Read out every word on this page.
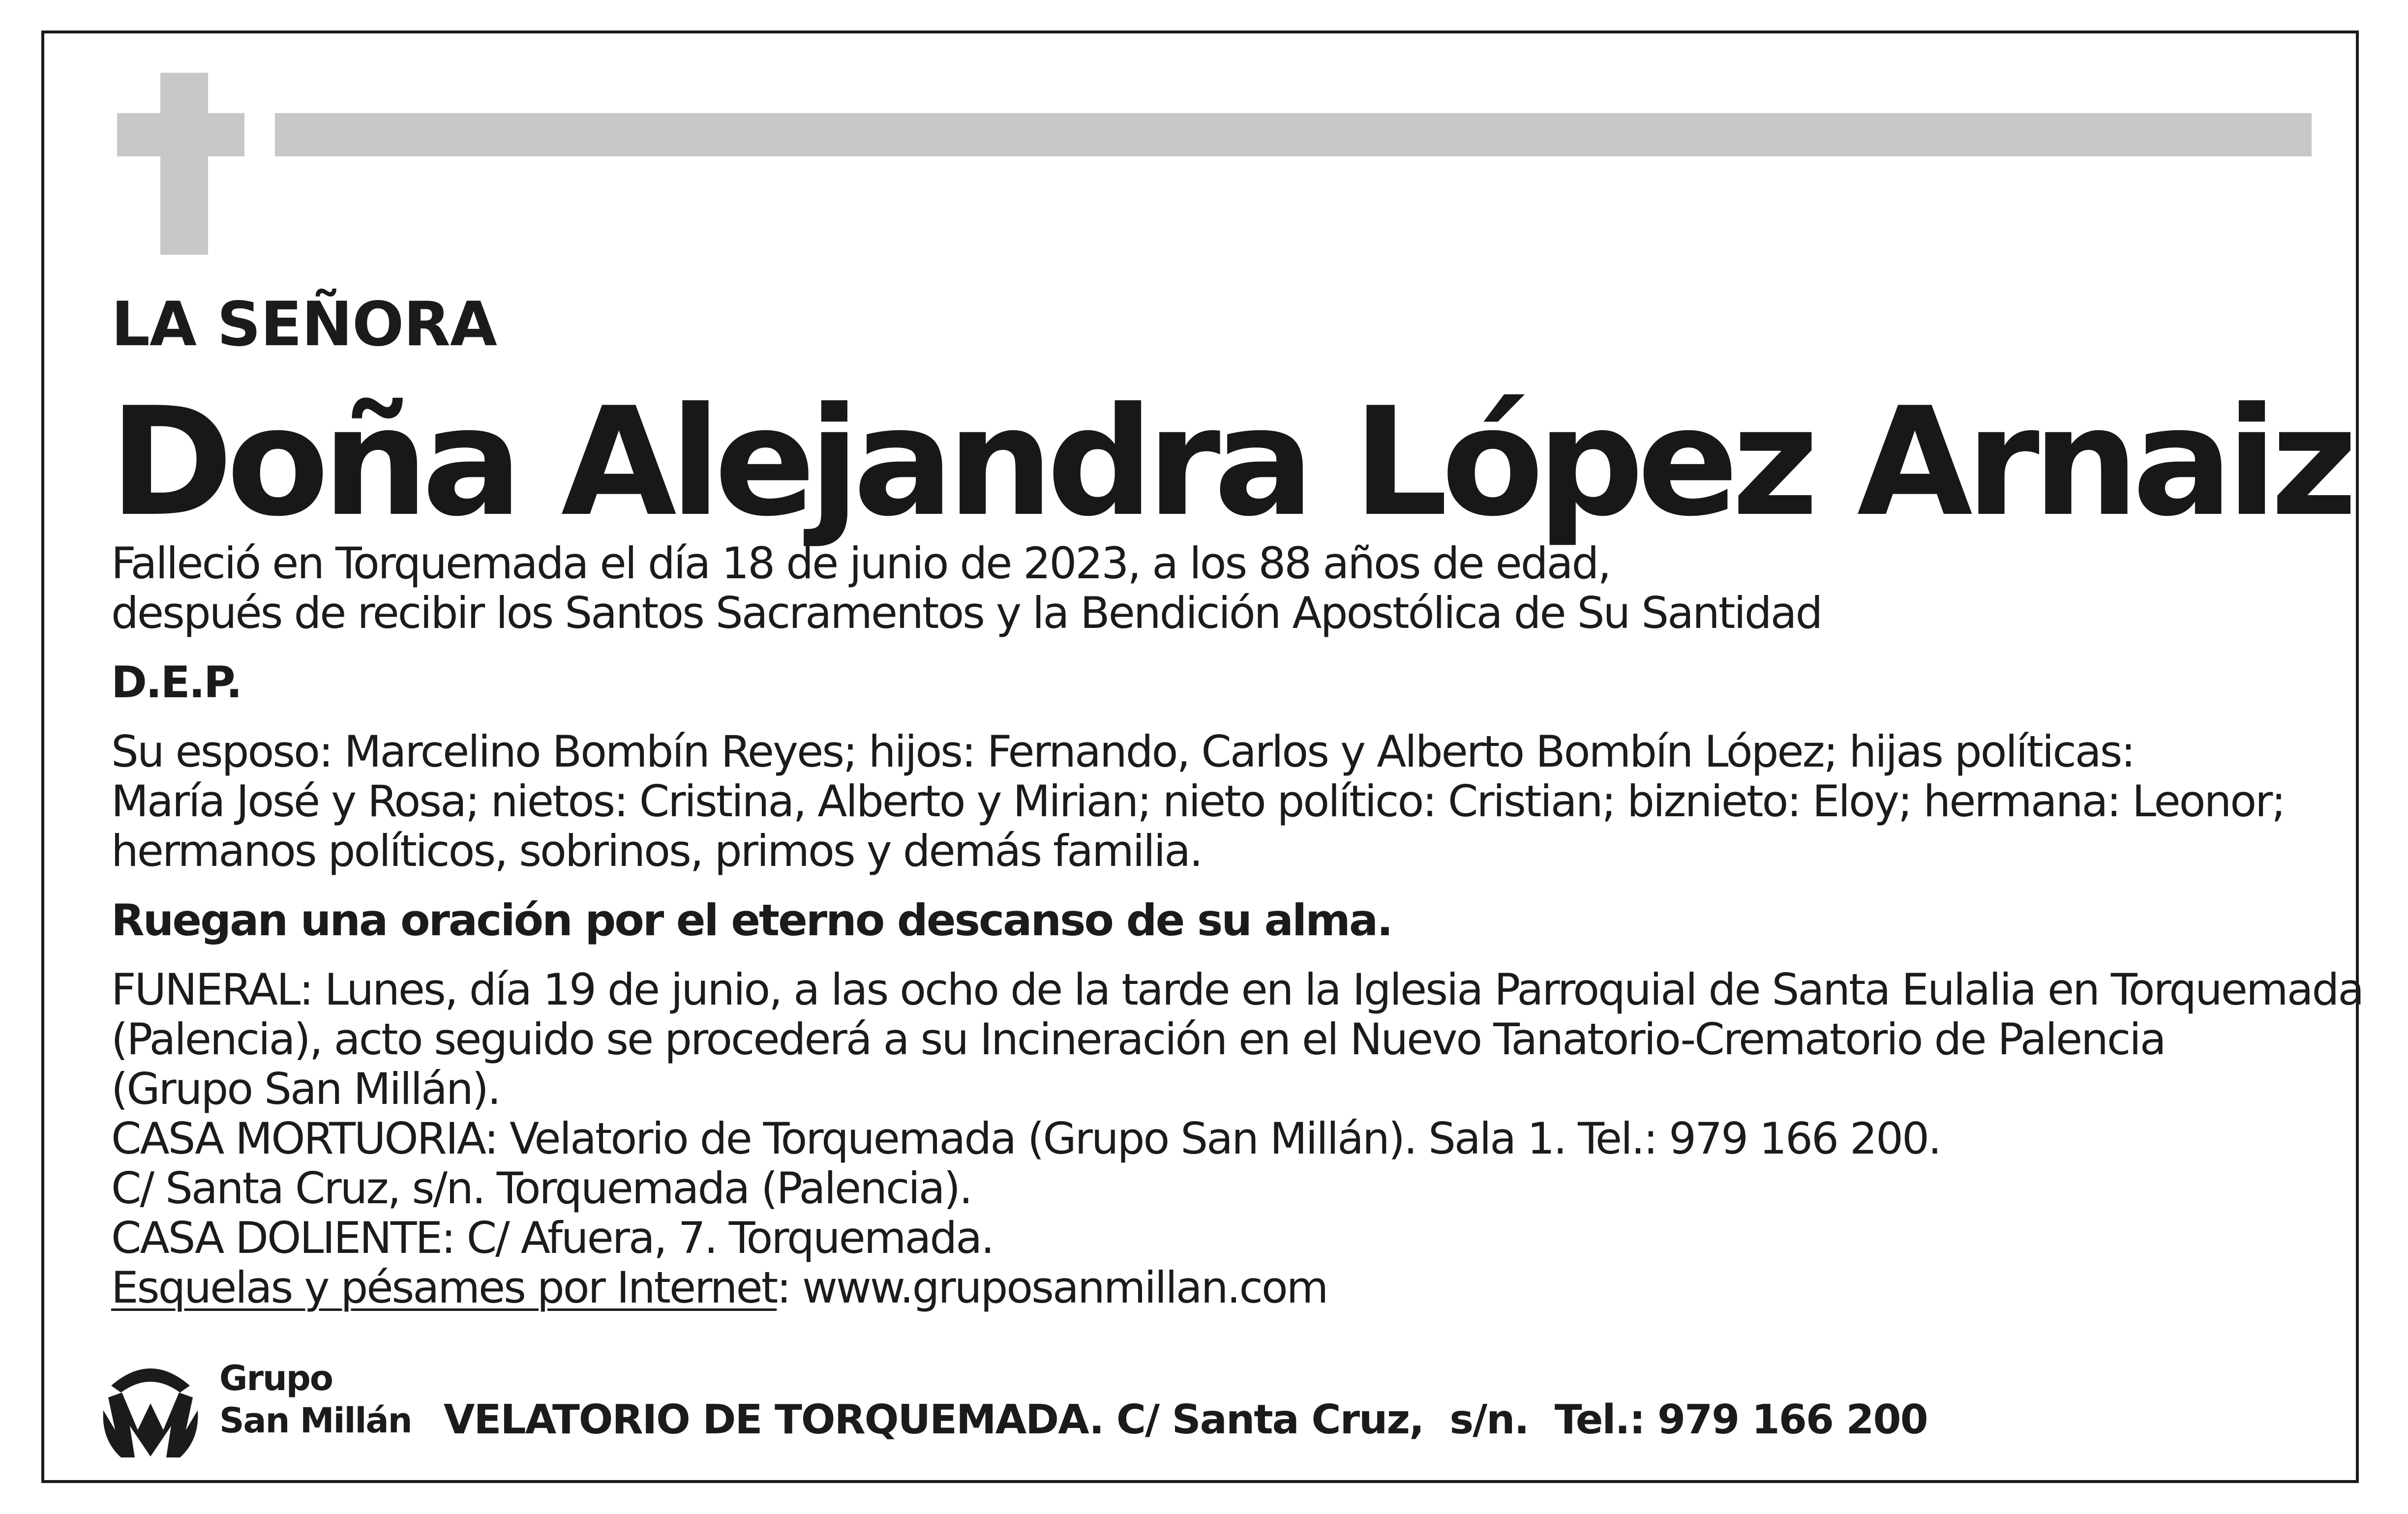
LA SEÑORA
Doña Alejandra López Arnaiz
Falleció en Torquemada el día 18 de junio de 2023, a los 88 años de edad,
después de recibir los Santos Sacramentos y la Bendición Apostólica de Su Santidad
D.E.P.
Su esposo: Marcelino Bombín Reyes; hijos: Fernando, Carlos y Alberto Bombín López; hijas políticas:
María José y Rosa; nietos: Cristina, Alberto y Mirian; nieto político: Cristian; biznieto: Eloy; hermana: Leonor;
hermanos políticos, sobrinos, primos y demás familia.
Ruegan una oración por el eterno descanso de su alma.
FUNERAL: Lunes, día 19 de junio, a las ocho de la tarde en la Iglesia Parroquial de Santa Eulalia en Torquemada
(Palencia), acto seguido se procederá a su Incineración en el Nuevo Tanatorio-Crematorio de Palencia
(Grupo San Millán).
CASA MORTUORIA: Velatorio de Torquemada (Grupo San Millán). Sala 1. Tel.: 979 166 200.
C/ Santa Cruz, s/n. Torquemada (Palencia).
CASA DOLIENTE: C/ Afuera, 7. Torquemada.
Esquelas y pésames por Internet: www.gruposanmillan.com
Grupo
San Millán VELATORIO DE TORQUEMADA. C/ Santa Cruz,  s/n.  Tel.: 979 166 200
